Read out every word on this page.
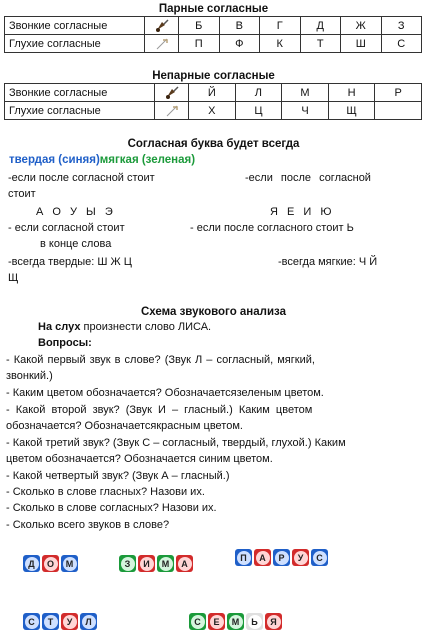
Парные согласные
Звонкие согласные		Б	В	Г	Д	Ж	З
Глухие согласные		П	Ф	К	Т	Ш	С
Непарные согласные
Звонкие согласные		Й	Л	М	Н	Р
Глухие согласные		Х	Ц	Ч	Щ	
Согласная буква будет всегда
твердая (синяя)мягкая (зеленая)
-если после согласной стоит	-если после согласной
стоит
А О У Ы Э	Я Е И Ю
- если согласной стоит	- если после согласного стоит Ь
в конце слова
-всегда твердые: Ш Ж Ц	-всегда мягкие: Ч Й
Щ
Схема звукового анализа
На слух произнести слово ЛИСА.
Вопросы:
- Какой первый звук в слове? (Звук Л – согласный, мягкий,
звонкий.)
- Каким цветом обозначается? Обозначаетсязеленым цветом.
- Какой второй звук? (Звук И – гласный.) Каким цветом
обозначается? Обозначаетсякрасным цветом.
- Какой третий звук? (Звук С – согласный, твердый, глухой.) Каким
цветом обозначается? Обозначается синим цветом.
- Какой четвертый звук? (Звук А – гласный.)
- Сколько в слове гласных? Назови их.
- Сколько в слове согласных? Назови их.
- Сколько всего звуков в слове?
Д	О	М	З	И	М	А
П	А	Р	У	С
С	Т	У	Л	С	Е	М	Ь	Я
